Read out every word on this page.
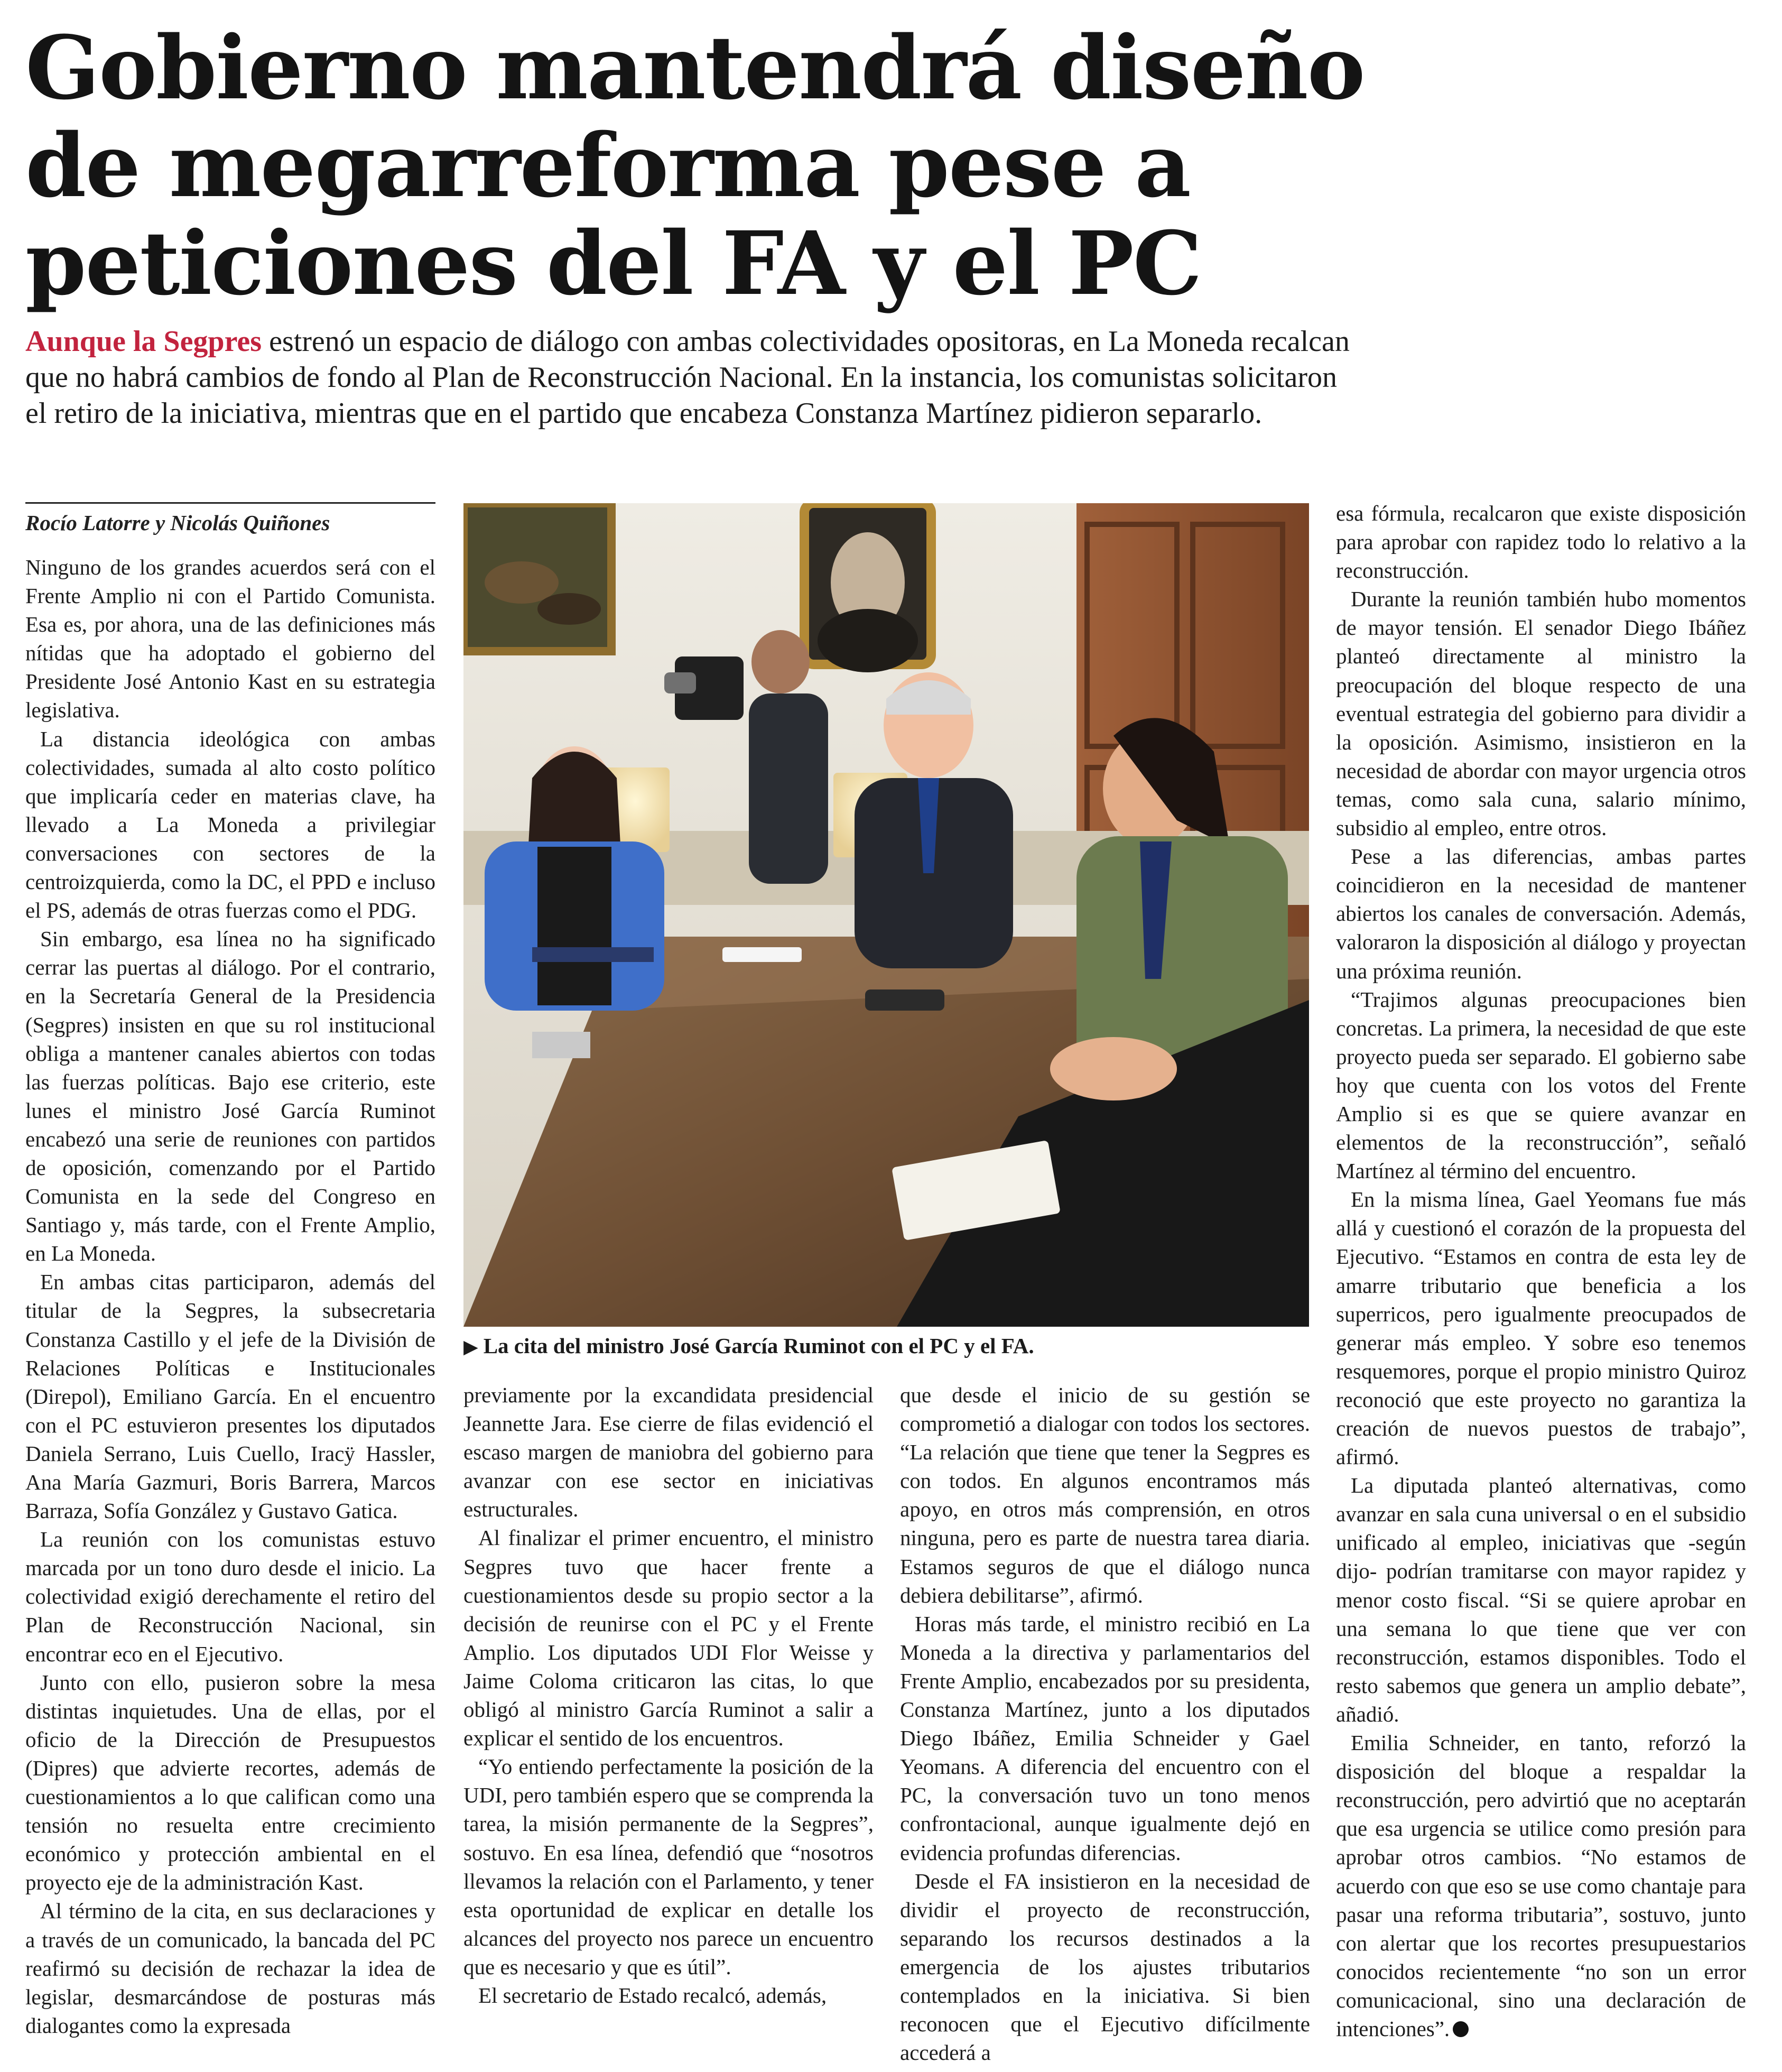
Gobierno mantendrá diseño
de megarreforma pese a
peticiones del FA y el PC
Aunque la Segpres estrenó un espacio de diálogo con ambas colectividades opositoras, en La Moneda recalcan
que no habrá cambios de fondo al Plan de Reconstrucción Nacional. En la instancia, los comunistas solicitaron
el retiro de la iniciativa, mientras que en el partido que encabeza Constanza Martínez pidieron separarlo.
Rocío Latorre y Nicolás Quiñones

Ninguno de los grandes acuerdos será con el Frente Amplio ni con el Partido Comunista. Esa es, por ahora, una de las definiciones más nítidas que ha adoptado el gobierno del Presidente José Antonio Kast en su estrategia legislativa.

La distancia ideológica con ambas colectividades, sumada al alto costo político que implicaría ceder en materias clave, ha llevado a La Moneda a privilegiar conversaciones con sectores de la centroizquierda, como la DC, el PPD e incluso el PS, además de otras fuerzas como el PDG.

Sin embargo, esa línea no ha significado cerrar las puertas al diálogo. Por el contrario, en la Secretaría General de la Presidencia (Segpres) insisten en que su rol institucional obliga a mantener canales abiertos con todas las fuerzas políticas. Bajo ese criterio, este lunes el ministro José García Ruminot encabezó una serie de reuniones con partidos de oposición, comenzando por el Partido Comunista en la sede del Congreso en Santiago y, más tarde, con el Frente Amplio, en La Moneda.

En ambas citas participaron, además del titular de la Segpres, la subsecretaria Constanza Castillo y el jefe de la División de Relaciones Políticas e Institucionales (Direpol), Emiliano García. En el encuentro con el PC estuvieron presentes los diputados Daniela Serrano, Luis Cuello, Iracÿ Hassler, Ana María Gazmuri, Boris Barrera, Marcos Barraza, Sofía González y Gustavo Gatica.

La reunión con los comunistas estuvo marcada por un tono duro desde el inicio. La colectividad exigió derechamente el retiro del Plan de Reconstrucción Nacional, sin encontrar eco en el Ejecutivo.

Junto con ello, pusieron sobre la mesa distintas inquietudes. Una de ellas, por el oficio de la Dirección de Presupuestos (Dipres) que advierte recortes, además de cuestionamientos a lo que califican como una tensión no resuelta entre crecimiento económico y protección ambiental en el proyecto eje de la administración Kast.

Al término de la cita, en sus declaraciones y a través de un comunicado, la bancada del PC reafirmó su decisión de rechazar la idea de legislar, desmarcándose de posturas más dialogantes como la expresada

▶ La cita del ministro José García Ruminot con el PC y el FA.

previamente por la excandidata presidencial Jeannette Jara. Ese cierre de filas evidenció el escaso margen de maniobra del gobierno para avanzar con ese sector en iniciativas estructurales.

Al finalizar el primer encuentro, el ministro Segpres tuvo que hacer frente a cuestionamientos desde su propio sector a la decisión de reunirse con el PC y el Frente Amplio. Los diputados UDI Flor Weisse y Jaime Coloma criticaron las citas, lo que obligó al ministro García Ruminot a salir a explicar el sentido de los encuentros.

“Yo entiendo perfectamente la posición de la UDI, pero también espero que se comprenda la tarea, la misión permanente de la Segpres”, sostuvo. En esa línea, defendió que “nosotros llevamos la relación con el Parlamento, y tener esta oportunidad de explicar en detalle los alcances del proyecto nos parece un encuentro que es necesario y que es útil”.

El secretario de Estado recalcó, además,

que desde el inicio de su gestión se comprometió a dialogar con todos los sectores. “La relación que tiene que tener la Segpres es con todos. En algunos encontramos más apoyo, en otros más comprensión, en otros ninguna, pero es parte de nuestra tarea diaria. Estamos seguros de que el diálogo nunca debiera debilitarse”, afirmó.

Horas más tarde, el ministro recibió en La Moneda a la directiva y parlamentarios del Frente Amplio, encabezados por su presidenta, Constanza Martínez, junto a los diputados Diego Ibáñez, Emilia Schneider y Gael Yeomans. A diferencia del encuentro con el PC, la conversación tuvo un tono menos confrontacional, aunque igualmente dejó en evidencia profundas diferencias.

Desde el FA insistieron en la necesidad de dividir el proyecto de reconstrucción, separando los recursos destinados a la emergencia de los ajustes tributarios contemplados en la iniciativa. Si bien reconocen que el Ejecutivo difícilmente accederá a

esa fórmula, recalcaron que existe disposición para aprobar con rapidez todo lo relativo a la reconstrucción.

Durante la reunión también hubo momentos de mayor tensión. El senador Diego Ibáñez planteó directamente al ministro la preocupación del bloque respecto de una eventual estrategia del gobierno para dividir a la oposición. Asimismo, insistieron en la necesidad de abordar con mayor urgencia otros temas, como sala cuna, salario mínimo, subsidio al empleo, entre otros.

Pese a las diferencias, ambas partes coincidieron en la necesidad de mantener abiertos los canales de conversación. Además, valoraron la disposición al diálogo y proyectan una próxima reunión.

“Trajimos algunas preocupaciones bien concretas. La primera, la necesidad de que este proyecto pueda ser separado. El gobierno sabe hoy que cuenta con los votos del Frente Amplio si es que se quiere avanzar en elementos de la reconstrucción”, señaló Martínez al término del encuentro.

En la misma línea, Gael Yeomans fue más allá y cuestionó el corazón de la propuesta del Ejecutivo. “Estamos en contra de esta ley de amarre tributario que beneficia a los superricos, pero igualmente preocupados de generar más empleo. Y sobre eso tenemos resquemores, porque el propio ministro Quiroz reconoció que este proyecto no garantiza la creación de nuevos puestos de trabajo”, afirmó.

La diputada planteó alternativas, como avanzar en sala cuna universal o en el subsidio unificado al empleo, iniciativas que -según dijo- podrían tramitarse con mayor rapidez y menor costo fiscal. “Si se quiere aprobar en una semana lo que tiene que ver con reconstrucción, estamos disponibles. Todo el resto sabemos que genera un amplio debate”, añadió.

Emilia Schneider, en tanto, reforzó la disposición del bloque a respaldar la reconstrucción, pero advirtió que no aceptarán que esa urgencia se utilice como presión para aprobar otros cambios. “No estamos de acuerdo con que eso se use como chantaje para pasar una reforma tributaria”, sostuvo, junto con alertar que los recortes presupuestarios conocidos recientemente “no son un error comunicacional, sino una declaración de intenciones”.
